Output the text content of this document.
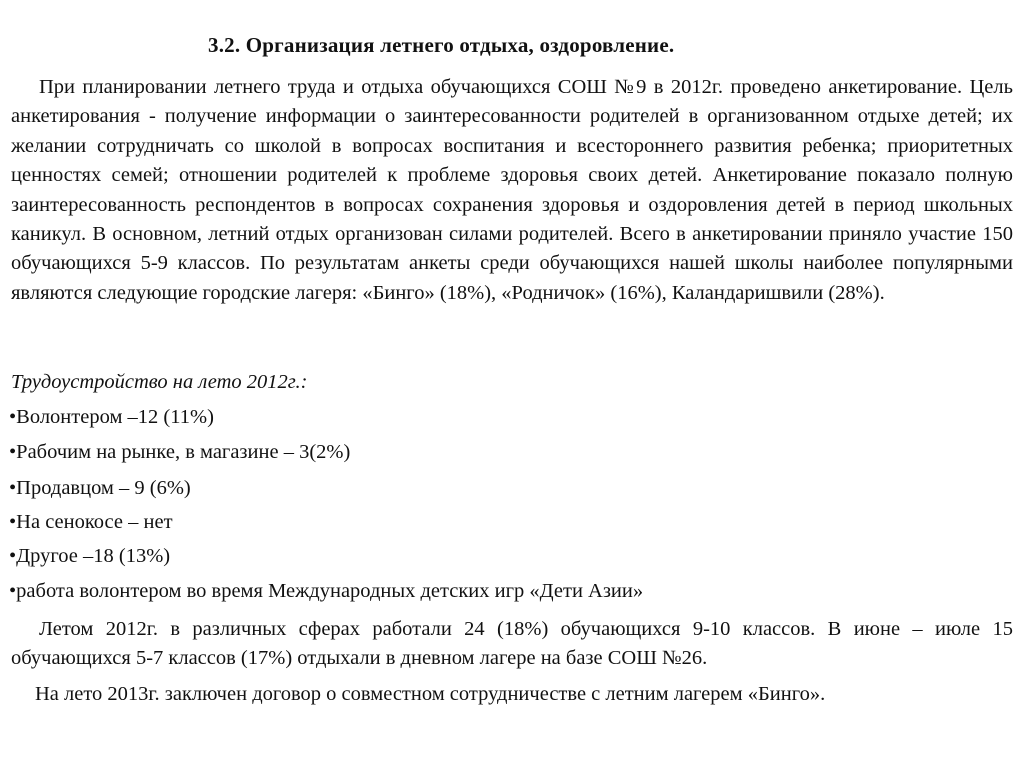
3.2. Организация летнего отдыха, оздоровление.
При планировании летнего труда и отдыха обучающихся СОШ №9 в 2012г. проведено анкетирование. Цель анкетирования - получение информации о заинтересованности родителей в организованном отдыхе детей; их желании сотрудничать со школой в вопросах воспитания и всестороннего развития ребенка; приоритетных ценностях семей; отношении родителей к проблеме здоровья своих детей. Анкетирование показало полную заинтересованность респондентов в вопросах сохранения здоровья и оздоровления детей в период школьных каникул. В основном, летний отдых организован силами родителей. Всего в анкетировании приняло участие 150 обучающихся 5-9 классов. По результатам анкеты среди обучающихся нашей школы наиболее популярными являются следующие городские лагеря: «Бинго» (18%), «Родничок» (16%), Каландаришвили (28%).
Трудоустройство на лето 2012г.:
•Волонтером –12 (11%)
•Рабочим на рынке, в магазине – 3(2%)
•Продавцом – 9 (6%)
•На сенокосе – нет
•Другое –18 (13%)
•работа волонтером во время Международных детских игр «Дети Азии»
Летом 2012г. в различных сферах работали 24 (18%) обучающихся 9-10 классов. В июне – июле 15 обучающихся 5-7 классов (17%) отдыхали в дневном лагере на базе СОШ №26.
На лето 2013г. заключен договор о совместном сотрудничестве с летним лагерем «Бинго».
